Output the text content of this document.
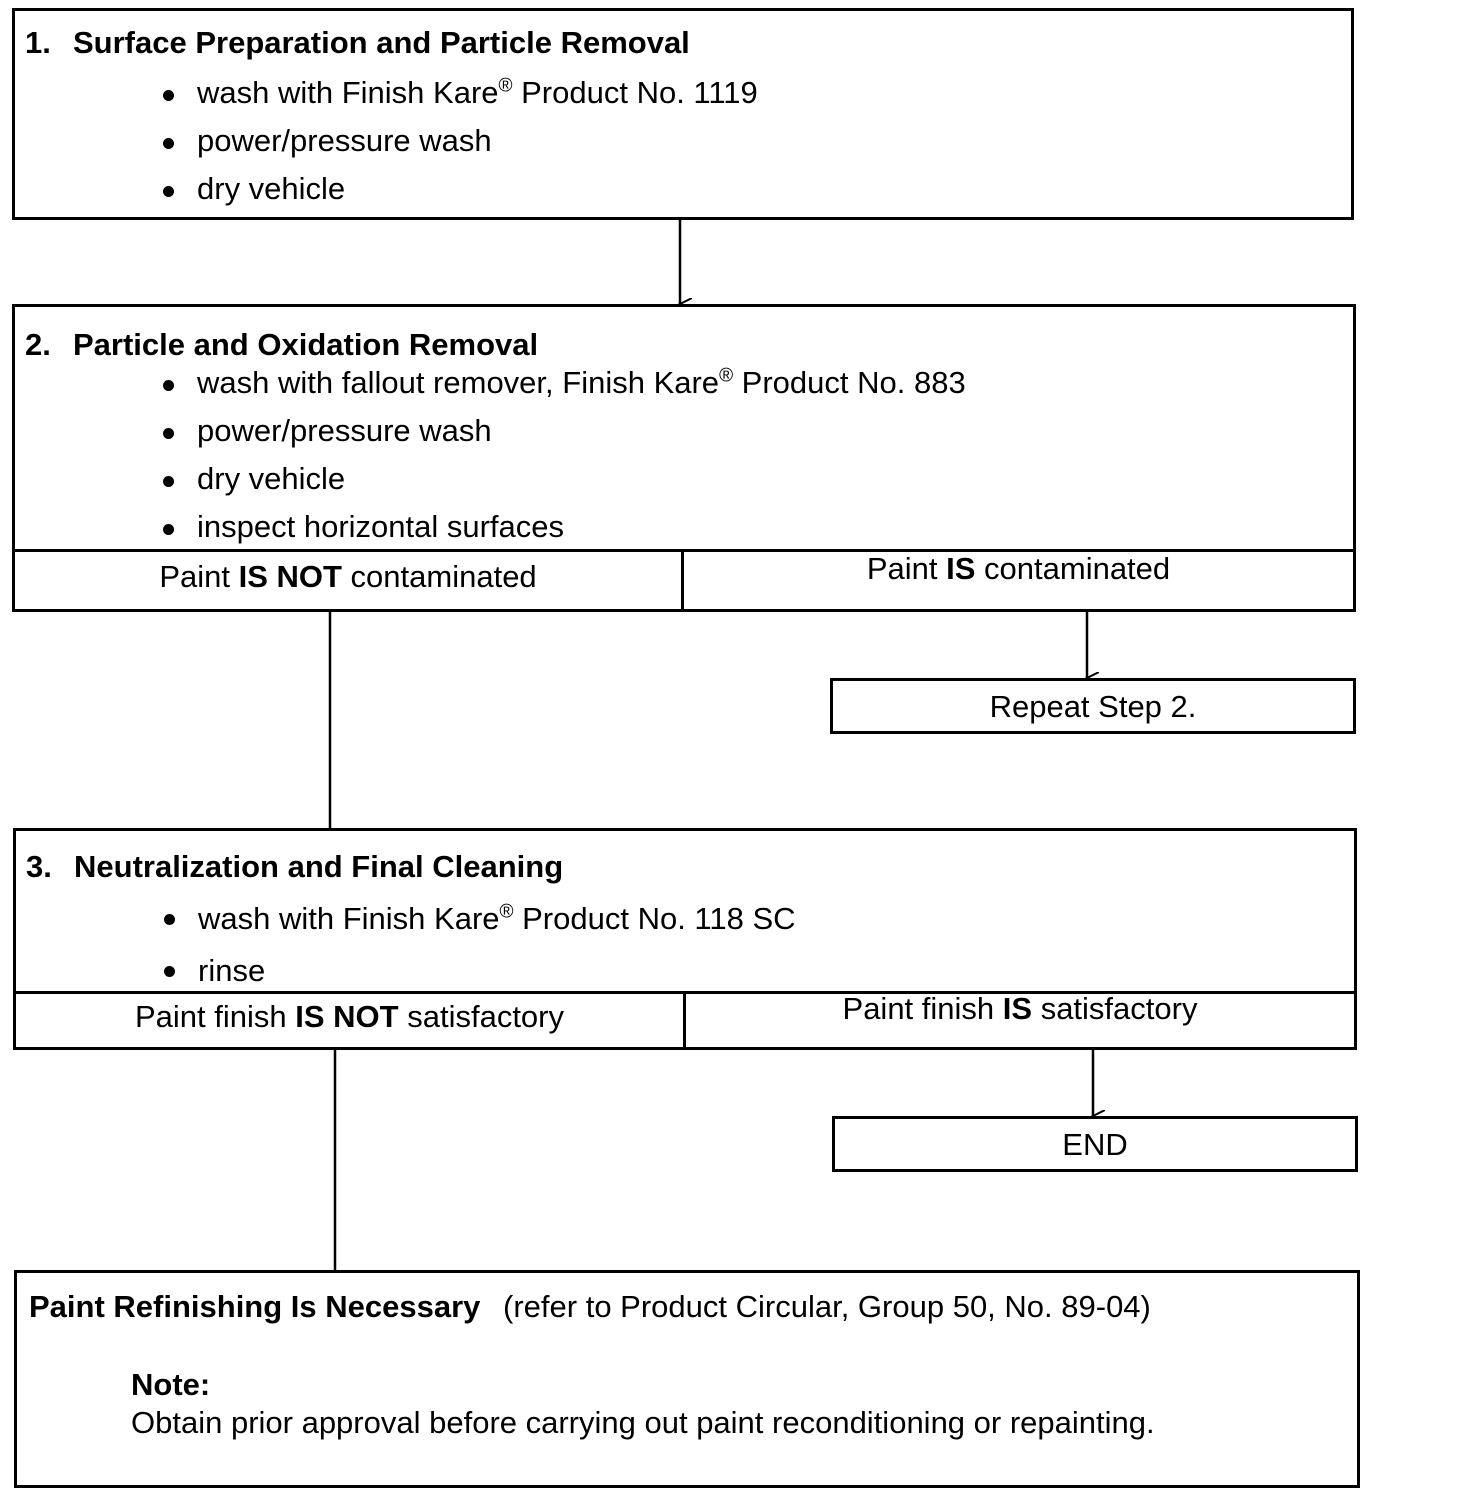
1. Surface Preparation and Particle Removal
wash with Finish Kare® Product No. 1119
power/pressure wash
dry vehicle
2. Particle and Oxidation Removal
wash with fallout remover, Finish Kare® Product No. 883
power/pressure wash
dry vehicle
inspect horizontal surfaces
Paint IS NOT contaminated	Paint IS contaminated
Repeat Step 2.
3. Neutralization and Final Cleaning
wash with Finish Kare® Product No. 118 SC
rinse
Paint finish IS NOT satisfactory	Paint finish IS satisfactory
END
Paint Refinishing Is Necessary (refer to Product Circular, Group 50, No. 89-04)
Note:
Obtain prior approval before carrying out paint reconditioning or repainting.
